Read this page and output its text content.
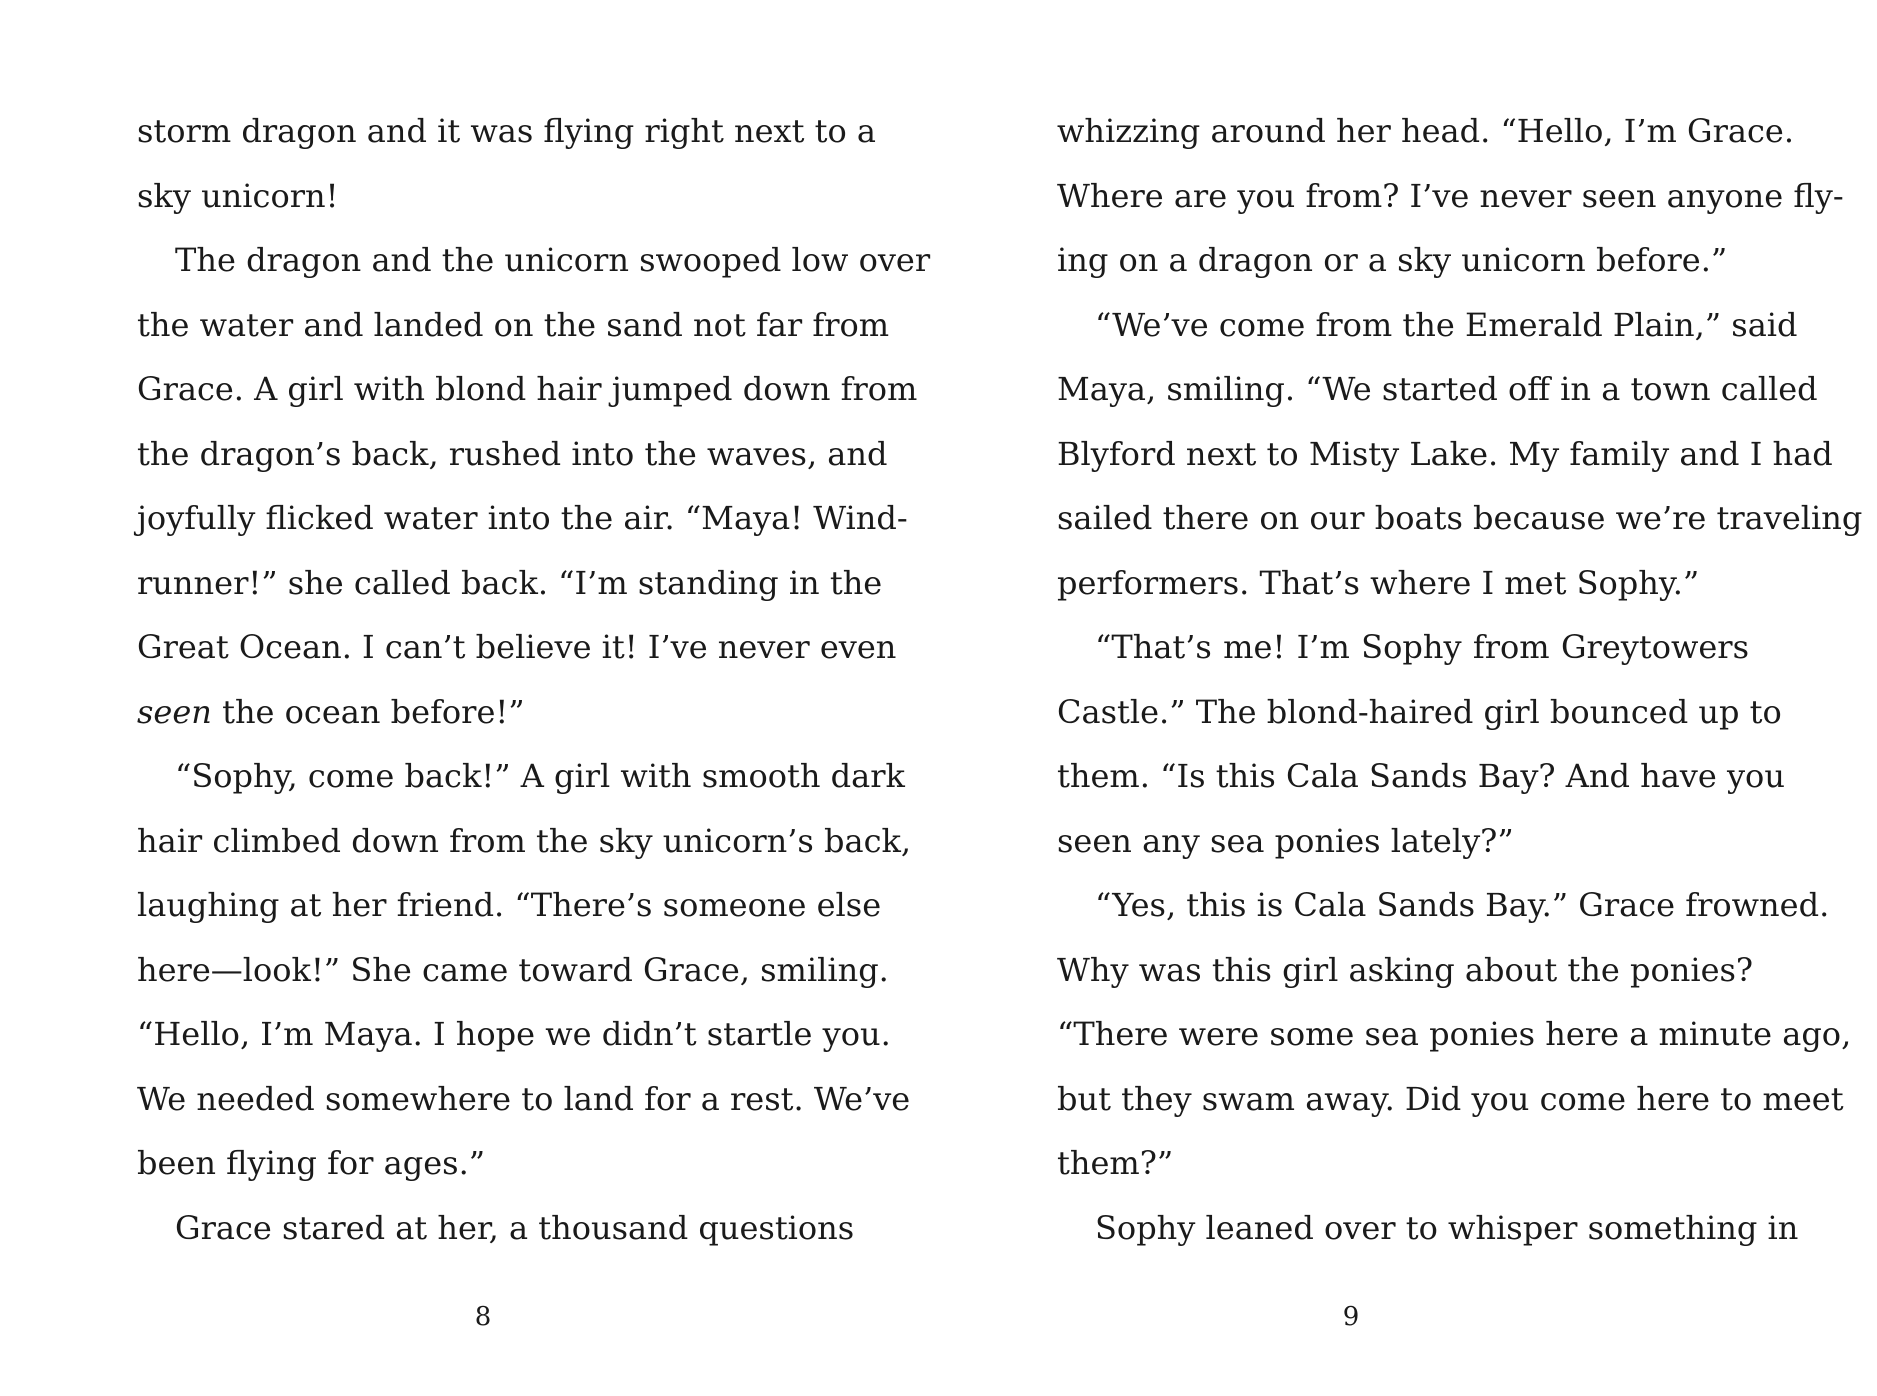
storm dragon and it was flying right next to a
sky unicorn!
The dragon and the unicorn swooped low over
the water and landed on the sand not far from
Grace. A girl with blond hair jumped down from
the dragon’s back, rushed into the waves, and
joyfully flicked water into the air. “Maya! Wind-
runner!” she called back. “I’m standing in the
Great Ocean. I can’t believe it! I’ve never even
seen the ocean before!”
“Sophy, come back!” A girl with smooth dark
hair climbed down from the sky unicorn’s back,
laughing at her friend. “There’s someone else
here—look!” She came toward Grace, smiling.
“Hello, I’m Maya. I hope we didn’t startle you.
We needed somewhere to land for a rest. We’ve
been flying for ages.”
Grace stared at her, a thousand questions
8
whizzing around her head. “Hello, I’m Grace.
Where are you from? I’ve never seen anyone fly-
ing on a dragon or a sky unicorn before.”
“We’ve come from the Emerald Plain,” said
Maya, smiling. “We started off in a town called
Blyford next to Misty Lake. My family and I had
sailed there on our boats because we’re traveling
performers. That’s where I met Sophy.”
“That’s me! I’m Sophy from Greytowers
Castle.” The blond-haired girl bounced up to
them. “Is this Cala Sands Bay? And have you
seen any sea ponies lately?”
“Yes, this is Cala Sands Bay.” Grace frowned.
Why was this girl asking about the ponies?
“There were some sea ponies here a minute ago,
but they swam away. Did you come here to meet
them?”
Sophy leaned over to whisper something in
9
